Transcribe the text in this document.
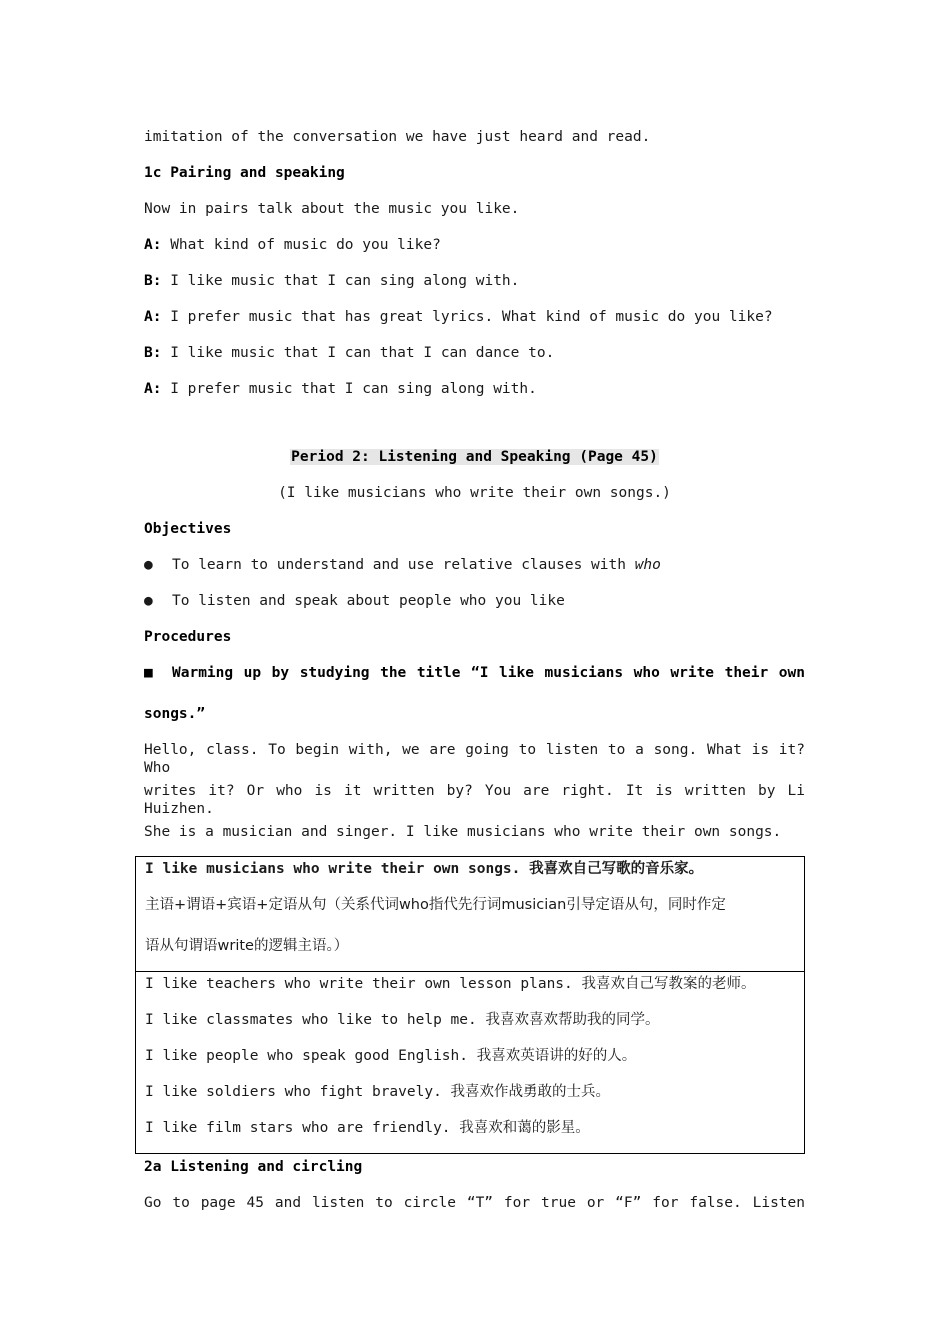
imitation of the conversation we have just heard and read.
1c Pairing and speaking
Now in pairs talk about the music you like.
A: What kind of music do you like?
B: I like music that I can sing along with.
A: I prefer music that has great lyrics. What kind of music do you like?
B: I like music that I can that I can dance to.
A: I prefer music that I can sing along with.
Period 2: Listening and Speaking (Page 45)
(I like musicians who write their own songs.)
Objectives
● To learn to understand and use relative clauses with who
● To listen and speak about people who you like
Procedures
■ Warming up by studying the title “I like musicians who write their own
songs.”
Hello, class. To begin with, we are going to listen to a song. What is it? Who
writes it? Or who is it written by? You are right. It is written by Li Huizhen.
She is a musician and singer. I like musicians who write their own songs.
I like musicians who write their own songs. 我喜欢自己写歌的音乐家。
主语+谓语+宾语+定语从句（关系代词who指代先行词musician引导定语从句，同时作定
语从句谓语write的逻辑主语。）
I like teachers who write their own lesson plans. 我喜欢自己写教案的老师。
I like classmates who like to help me. 我喜欢喜欢帮助我的同学。
I like people who speak good English. 我喜欢英语讲的好的人。
I like soldiers who fight bravely. 我喜欢作战勇敢的士兵。
I like film stars who are friendly. 我喜欢和蔼的影星。
2a Listening and circling
Go to page 45 and listen to circle “T” for true or “F” for false. Listen
